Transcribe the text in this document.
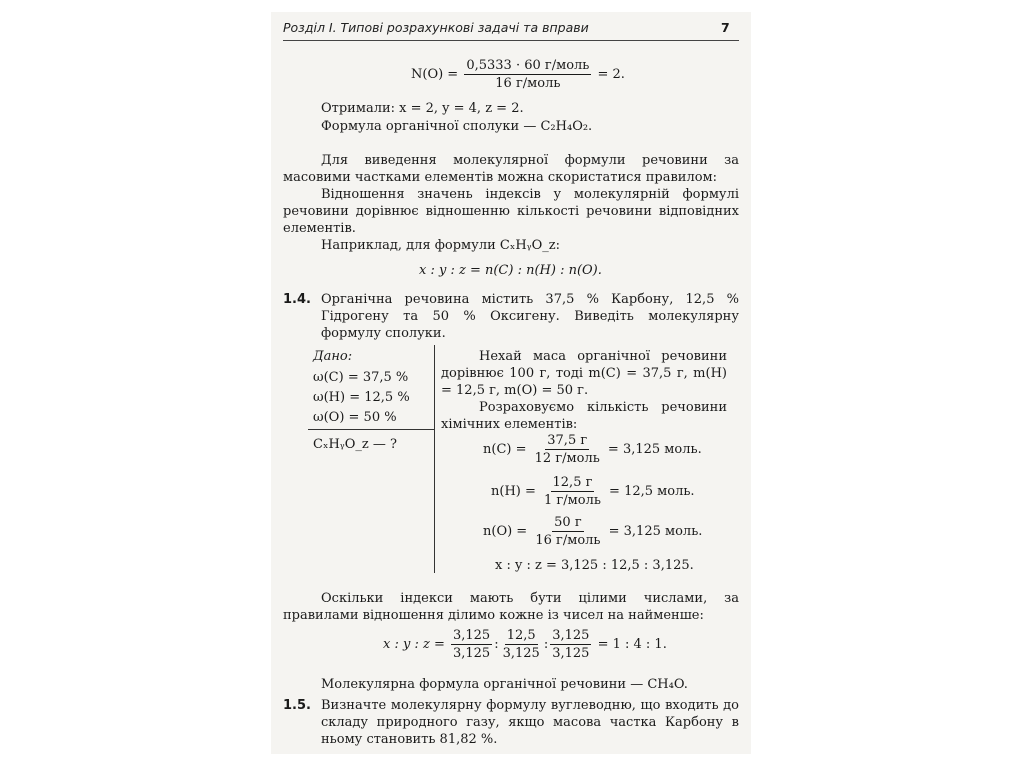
Розділ I. Типові розрахункові задачі та вправи	7
$N(O) = \frac{\text{0,5333 · 60 г/моль}}{\text{16 г/моль}} = 2$.
Отримали: x = 2, y = 4, z = 2.
Формула органічної сполуки — C₂H₄O₂.
Для виведення молекулярної формули речовини за масовими частками елементів можна скористатися правилом:
Відношення значень індексів у молекулярній формулі речовини дорівнює відношенню кількості речовини відповідних елементів.
Наприклад, для формули CₓHᵧO_z:
x : y : z = n(C) : n(H) : n(O).
1.4. Органічна речовина містить 37,5 % Карбону, 12,5 % Гідрогену та 50 % Оксигену. Виведіть молекулярну формулу сполуки.
Дано:
ω(C) = 37,5 %
ω(H) = 12,5 %
ω(O) = 50 %
CₓHᵧO_z — ?
Нехай маса органічної речовини дорівнює 100 г, тоді m(C) = 37,5 г, m(H) = 12,5 г, m(O) = 50 г.
Розраховуємо кількість речовини хімічних елементів:
$n(C) = \frac{37,5 г}{\text{12 г/моль}} = 3,125$ моль.
$n(H) = \frac{12,5 г}{\text{1 г/моль}} = 12,5$ моль.
$n(O) = \frac{50 г}{\text{16 г/моль}} = 3,125$ моль.
x : y : z = 3,125 : 12,5 : 3,125.
Оскільки індекси мають бути цілими числами, за правилами відношення ділимо кожне із чисел на найменше:
x : y : $z = \frac{3,125}{3,125}$ : $\frac{12,5}{3,125}$ : $\frac{3,125}{3,125} = 1$ : 4 : 1.
Молекулярна формула органічної речовини — CH₄O.
1.5. Визначте молекулярну формулу вуглеводню, що входить до складу природного газу, якщо масова частка Карбону в ньому становить 81,82 %.
